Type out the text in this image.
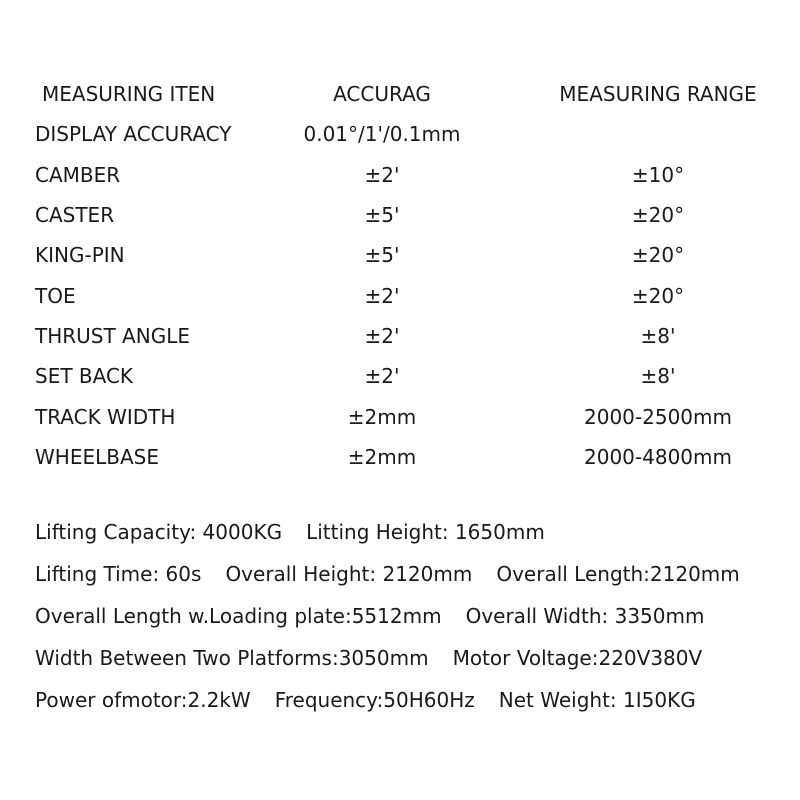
MEASURING ITEN	ACCURAG	MEASURING RANGE
DISPLAY ACCURACY	0.01°/1'/0.1mm
CAMBER	±2'	±10°
CASTER	±5'	±20°
KING-PIN	±5'	±20°
TOE	±2'	±20°
THRUST ANGLE	±2'	±8'
SET BACK	±2'	±8'
TRACK WIDTH	±2mm	2000-2500mm
WHEELBASE	±2mm	2000-4800mm
Lifting Capacity: 4000KG Litting Height: 1650mm
Lifting Time: 60s Overall Height: 2120mm Overall Length:2120mm
Overall Length w.Loading plate:5512mm Overall Width: 3350mm
Width Between Two Platforms:3050mm Motor Voltage:220V380V
Power ofmotor:2.2kW Frequency:50H60Hz Net Weight: 1I50KG
